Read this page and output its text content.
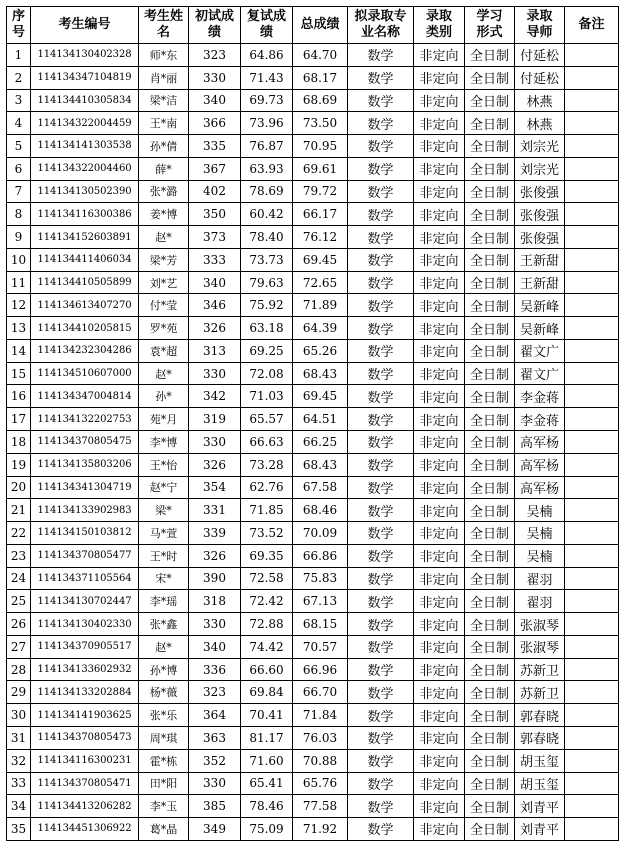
序号	考生编号	考生姓名	初试成绩	复试成绩	总成绩	拟录取专业名称	录取类别	学习形式	录取导师	备注
1	114134130402328	师*东	323	64.86	64.70	数学	非定向	全日制	付延松	
2	114134347104819	肖*丽	330	71.43	68.17	数学	非定向	全日制	付延松	
3	114134410305834	梁*洁	340	69.73	68.69	数学	非定向	全日制	林燕	
4	114134322004459	王*南	366	73.96	73.50	数学	非定向	全日制	林燕	
5	114134141303538	孙*倩	335	76.87	70.95	数学	非定向	全日制	刘宗光	
6	114134322004460	薛*	367	63.93	69.61	数学	非定向	全日制	刘宗光	
7	114134130502390	张*潞	402	78.69	79.72	数学	非定向	全日制	张俊强	
8	114134116300386	姜*博	350	60.42	66.17	数学	非定向	全日制	张俊强	
9	114134152603891	赵*	373	78.40	76.12	数学	非定向	全日制	张俊强	
10	114134411406034	梁*芳	333	73.73	69.45	数学	非定向	全日制	王新甜	
11	114134410505899	刘*艺	340	79.63	72.65	数学	非定向	全日制	王新甜	
12	114134613407270	付*莹	346	75.92	71.89	数学	非定向	全日制	吴新峰	
13	114134410205815	罗*苑	326	63.18	64.39	数学	非定向	全日制	吴新峰	
14	114134232304286	袁*超	313	69.25	65.26	数学	非定向	全日制	翟文广	
15	114134510607000	赵*	330	72.08	68.43	数学	非定向	全日制	翟文广	
16	114134347004814	孙*	342	71.03	69.45	数学	非定向	全日制	李金蒋	
17	114134132202753	苑*月	319	65.57	64.51	数学	非定向	全日制	李金蒋	
18	114134370805475	李*博	330	66.63	66.25	数学	非定向	全日制	高军杨	
19	114134135803206	王*怡	326	73.28	68.43	数学	非定向	全日制	高军杨	
20	114134341304719	赵*宁	354	62.76	67.58	数学	非定向	全日制	高军杨	
21	114134133902983	梁*	331	71.85	68.46	数学	非定向	全日制	吴楠	
22	114134150103812	马*萱	339	73.52	70.09	数学	非定向	全日制	吴楠	
23	114134370805477	王*时	326	69.35	66.86	数学	非定向	全日制	吴楠	
24	114134371105564	宋*	390	72.58	75.83	数学	非定向	全日制	翟羽	
25	114134130702447	李*瑶	318	72.42	67.13	数学	非定向	全日制	翟羽	
26	114134130402330	张*鑫	330	72.88	68.15	数学	非定向	全日制	张淑琴	
27	114134370905517	赵*	340	74.42	70.57	数学	非定向	全日制	张淑琴	
28	114134133602932	孙*博	336	66.60	66.96	数学	非定向	全日制	苏新卫	
29	114134133202884	杨*薇	323	69.84	66.70	数学	非定向	全日制	苏新卫	
30	114134141903625	张*乐	364	70.41	71.84	数学	非定向	全日制	郭春晓	
31	114134370805473	周*琪	363	81.17	76.03	数学	非定向	全日制	郭春晓	
32	114134116300231	霍*栋	352	71.60	70.88	数学	非定向	全日制	胡玉玺	
33	114134370805471	田*阳	330	65.41	65.76	数学	非定向	全日制	胡玉玺	
34	114134413206282	李*玉	385	78.46	77.58	数学	非定向	全日制	刘青平	
35	114134451306922	葛*晶	349	75.09	71.92	数学	非定向	全日制	刘青平	
